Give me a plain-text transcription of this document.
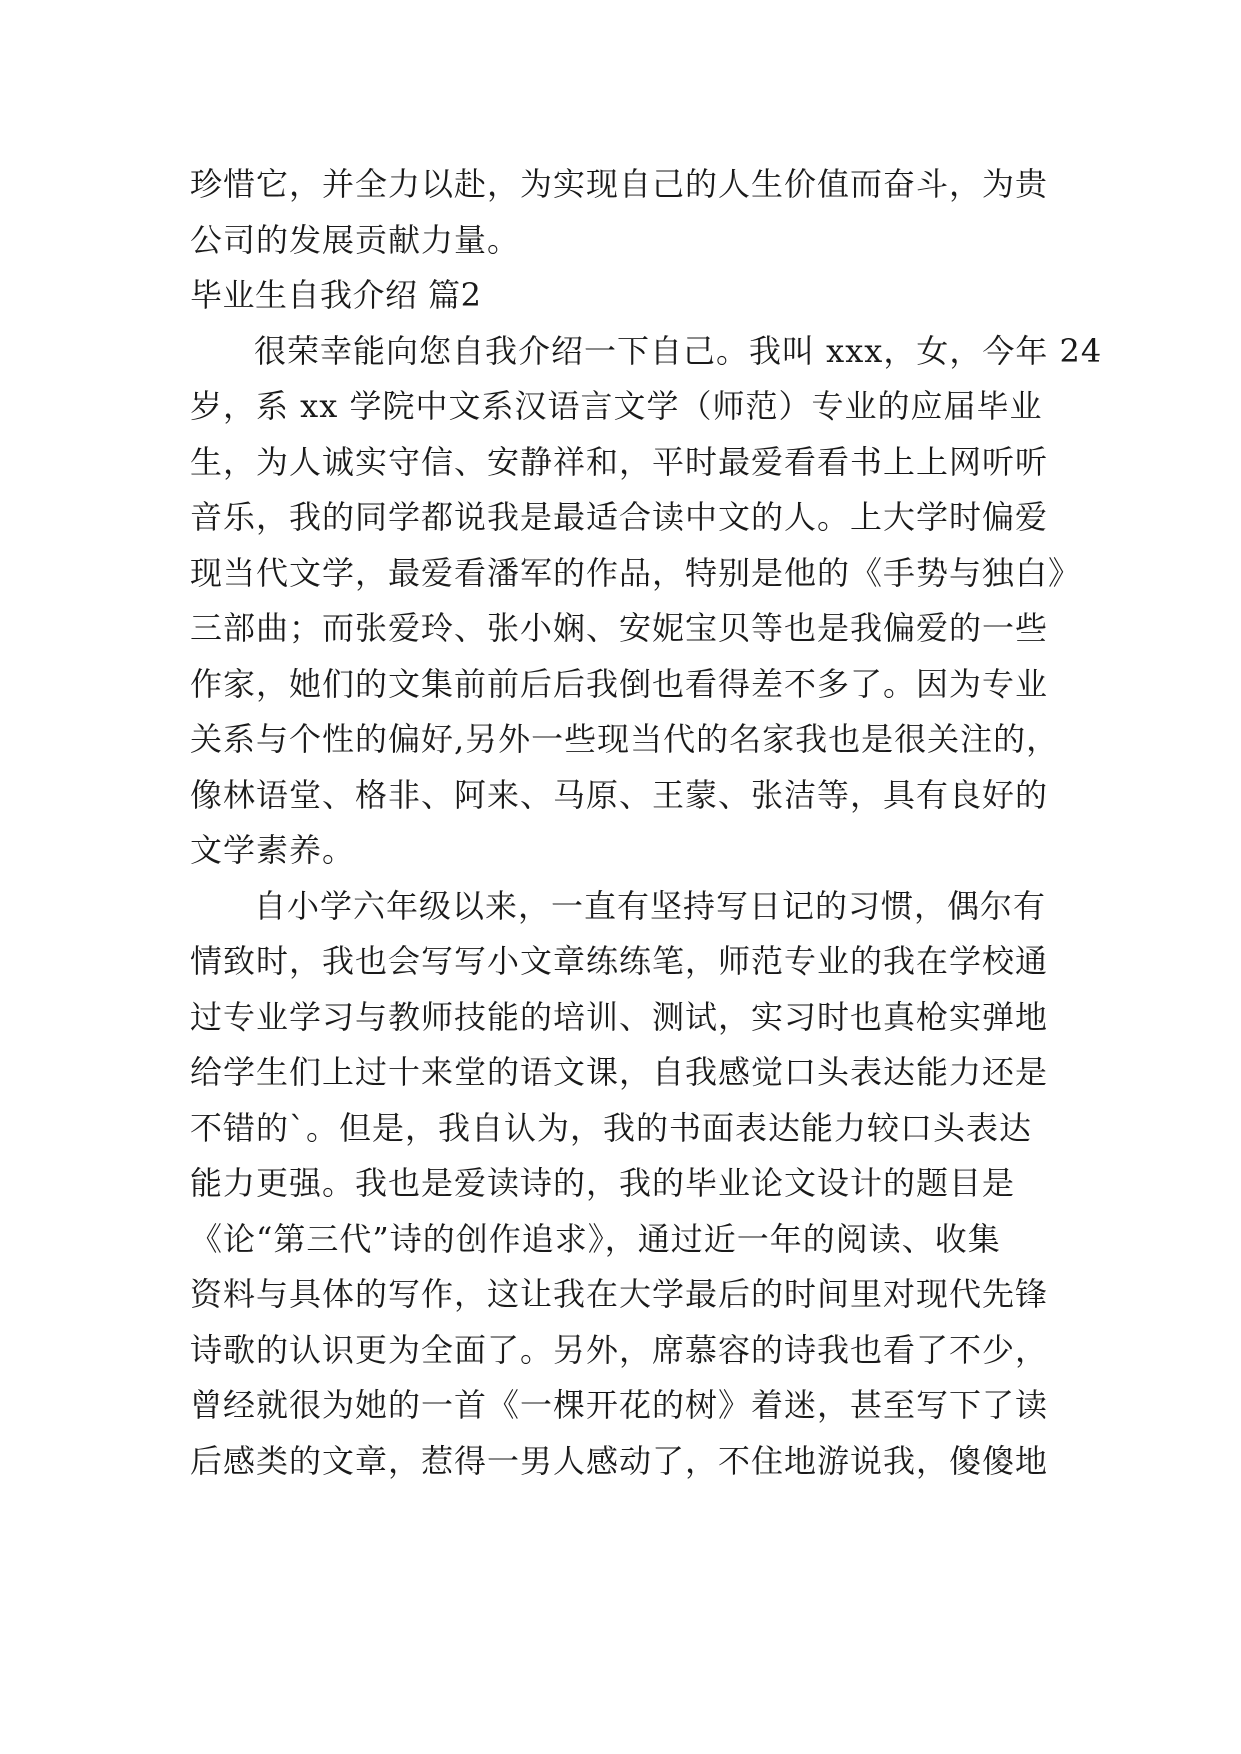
珍惜它，并全力以赴，为实现自己的人生价值而奋斗，为贵
公司的发展贡献力量。
毕业生自我介绍 篇2
很荣幸能向您自我介绍一下自己。我叫 xxx，女，今年 24
岁，系 xx 学院中文系汉语言文学（师范）专业的应届毕业
生，为人诚实守信、安静祥和，平时最爱看看书上上网听听
音乐，我的同学都说我是最适合读中文的人。上大学时偏爱
现当代文学，最爱看潘军的作品，特别是他的《手势与独白》
三部曲；而张爱玲、张小娴、安妮宝贝等也是我偏爱的一些
作家，她们的文集前前后后我倒也看得差不多了。因为专业
关系与个性的偏好,另外一些现当代的名家我也是很关注的，
像林语堂、格非、阿来、马原、王蒙、张洁等，具有良好的
文学素养。
自小学六年级以来，一直有坚持写日记的习惯，偶尔有
情致时，我也会写写小文章练练笔，师范专业的我在学校通
过专业学习与教师技能的培训、测试，实习时也真枪实弹地
给学生们上过十来堂的语文课，自我感觉口头表达能力还是
不错的`。但是，我自认为，我的书面表达能力较口头表达
能力更强。我也是爱读诗的，我的毕业论文设计的题目是
《论“第三代”诗的创作追求》，通过近一年的阅读、收集
资料与具体的写作，这让我在大学最后的时间里对现代先锋
诗歌的认识更为全面了。另外，席慕容的诗我也看了不少，
曾经就很为她的一首《一棵开花的树》着迷，甚至写下了读
后感类的文章，惹得一男人感动了，不住地游说我，傻傻地
